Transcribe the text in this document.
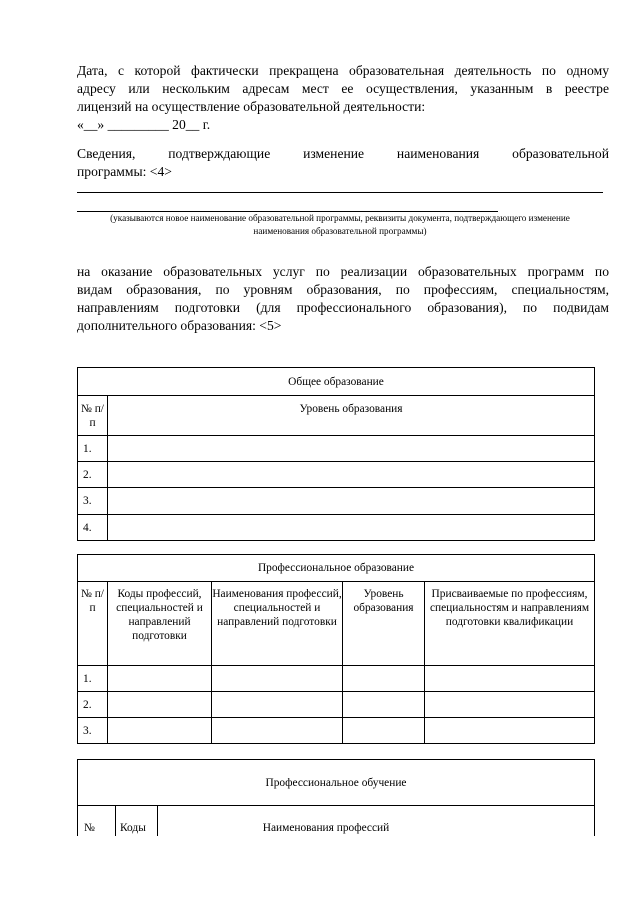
Дата, с которой фактически прекращена образовательная деятельность по одному
адресу или нескольким адресам мест ее осуществления, указанным в реестре
лицензий на осуществление образовательной деятельности:
«__» _________ 20__ г.
Сведения, подтверждающие изменение наименования образовательной
программы: <4>
(указываются новое наименование образовательной программы, реквизиты документа, подтверждающего изменение наименования образовательной программы)
на оказание образовательных услуг по реализации образовательных программ по
видам образования, по уровням образования, по профессиям, специальностям,
направлениям подготовки (для профессионального образования), по подвидам
дополнительного образования: <5>
Общее образование	
№ п/п	Уровень образования
1.	
2.	
3.	
4.	
Профессиональное образование				
№ п/п	Коды профессий, специальностей и направлений подготовки	Наименования профессий, специальностей и направлений подготовки	Уровень образования	Присваиваемые по профессиям, специальностям и направлениям подготовки квалификации
1.				
2.				
3.				
Профессиональное обучение
№	Коды	Наименования профессий
